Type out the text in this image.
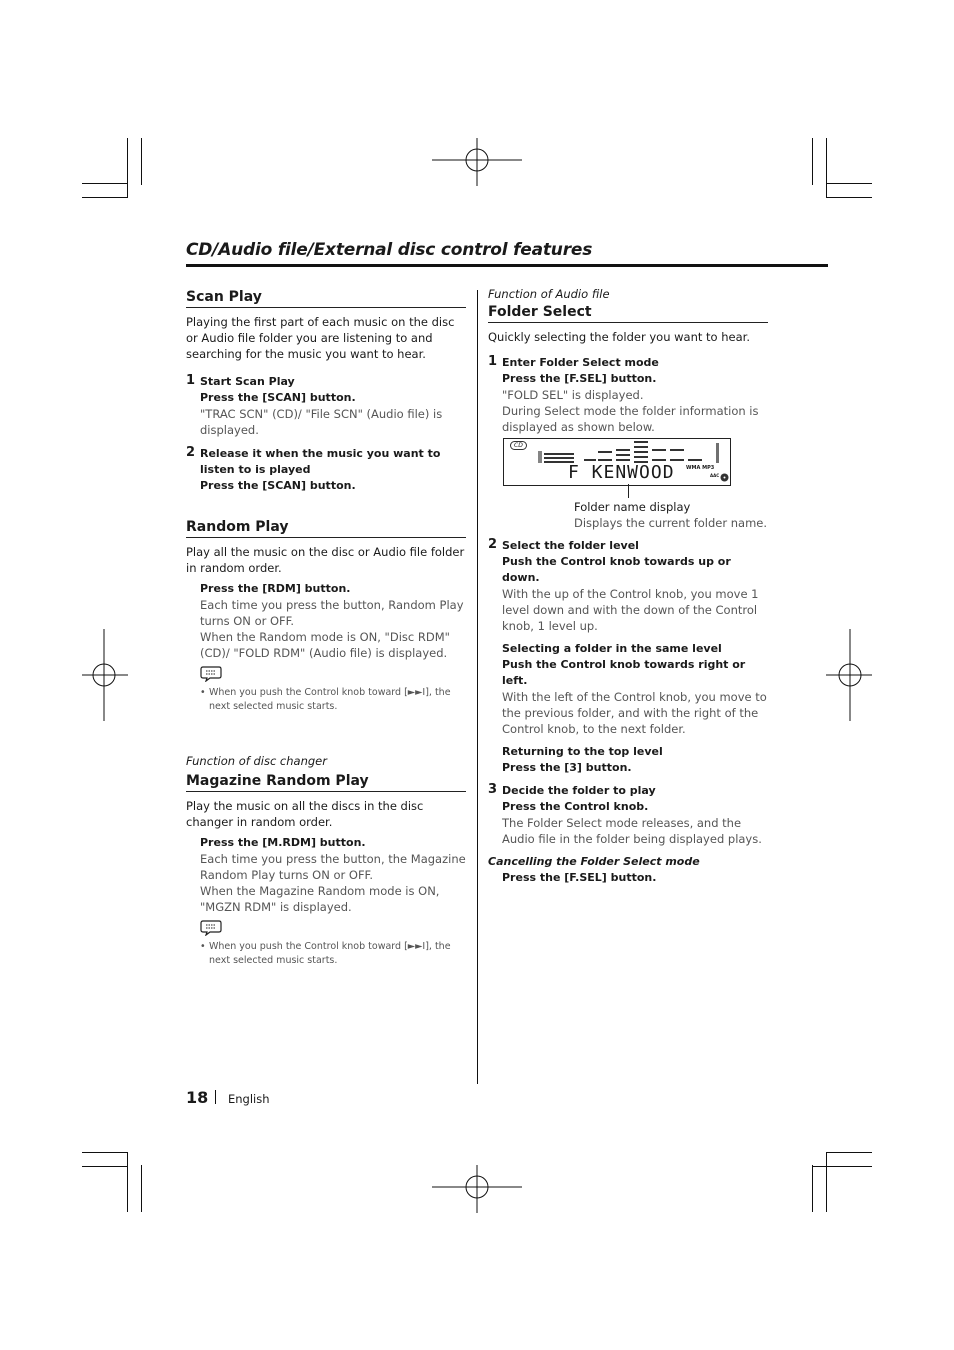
CD/Audio file/External disc control features
Scan Play

Playing the first part of each music on the disc or Audio file folder you are listening to and searching for the music you want to hear.

1 Start Scan Play
Press the [SCAN] button.
"TRAC SCN" (CD)/ "File SCN" (Audio file) is displayed.
2 Release it when the music you want to listen to is played
Press the [SCAN] button.
Random Play

Play all the music on the disc or Audio file folder in random order.

Press the [RDM] button.
Each time you press the button, Random Play turns ON or OFF.
When the Random mode is ON, "Disc RDM" (CD)/ "FOLD RDM" (Audio file) is displayed.
• When you push the Control knob toward [►►I], the next selected music starts.
Function of disc changer
Magazine Random Play

Play the music on all the discs in the disc changer in random order.

Press the [M.RDM] button.
Each time you press the button, the Magazine Random Play turns ON or OFF.
When the Magazine Random mode is ON, "MGZN RDM" is displayed.
• When you push the Control knob toward [►►I], the next selected music starts.
Function of Audio file
Folder Select

Quickly selecting the folder you want to hear.

1 Enter Folder Select mode
Press the [F.SEL] button.
"FOLD SEL" is displayed.
During Select mode the folder information is displayed as shown below.
CD
F KENWOOD WMA MP3
AAC
Folder name display
Displays the current folder name.
2 Select the folder level
Push the Control knob towards up or down.
With the up of the Control knob, you move 1 level down and with the down of the Control knob, 1 level up.
Selecting a folder in the same level
Push the Control knob towards right or left.
With the left of the Control knob, you move to the previous folder, and with the right of the Control knob, to the next folder.
Returning to the top level
Press the [3] button.
3 Decide the folder to play
Press the Control knob.
The Folder Select mode releases, and the Audio file in the folder being displayed plays.
Cancelling the Folder Select mode
Press the [F.SEL] button.
18 English
